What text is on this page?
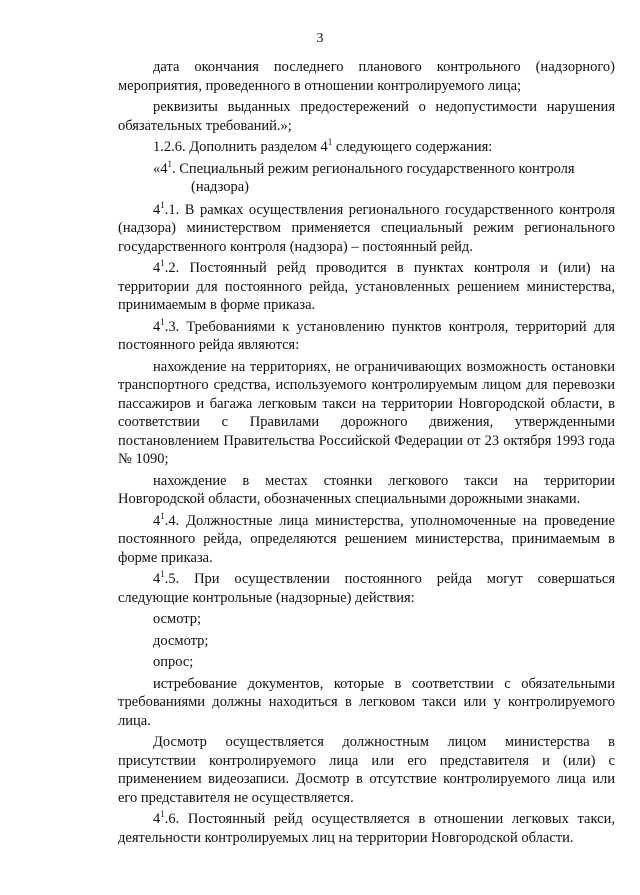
3

дата окончания последнего планового контрольного (надзорного) мероприятия, проведенного в отношении контролируемого лица;

реквизиты выданных предостережений о недопустимости нарушения обязательных требований.»;

1.2.6. Дополнить разделом $4^1$ следующего содержания:

«$4^1$. Специальный режим регионального государственного контроля
(надзора)

$4^1.1$. В рамках осуществления регионального государственного контроля (надзора) министерством применяется специальный режим регионального государственного контроля (надзора) – постоянный рейд.

$4^1.2$. Постоянный рейд проводится в пунктах контроля и (или) на территории для постоянного рейда, установленных решением министерства, принимаемым в форме приказа.

$4^1.3$. Требованиями к установлению пунктов контроля, территорий для постоянного рейда являются:

нахождение на территориях, не ограничивающих возможность остановки транспортного средства, используемого контролируемым лицом для перевозки пассажиров и багажа легковым такси на территории Новгородской области, в соответствии с Правилами дорожного движения, утвержденными постановлением Правительства Российской Федерации от 23 октября 1993 года № 1090;

нахождение в местах стоянки легкового такси на территории Новгородской области, обозначенных специальными дорожными знаками.

$4^1.4$. Должностные лица министерства, уполномоченные на проведение постоянного рейда, определяются решением министерства, принимаемым в форме приказа.

$4^1.5$. При осуществлении постоянного рейда могут совершаться следующие контрольные (надзорные) действия:

осмотр;

досмотр;

опрос;

истребование документов, которые в соответствии с обязательными требованиями должны находиться в легковом такси или у контролируемого лица.

Досмотр осуществляется должностным лицом министерства в присутствии контролируемого лица или его представителя и (или) с применением видеозаписи. Досмотр в отсутствие контролируемого лица или его представителя не осуществляется.

$4^1.6$. Постоянный рейд осуществляется в отношении легковых такси, деятельности контролируемых лиц на территории Новгородской области.
